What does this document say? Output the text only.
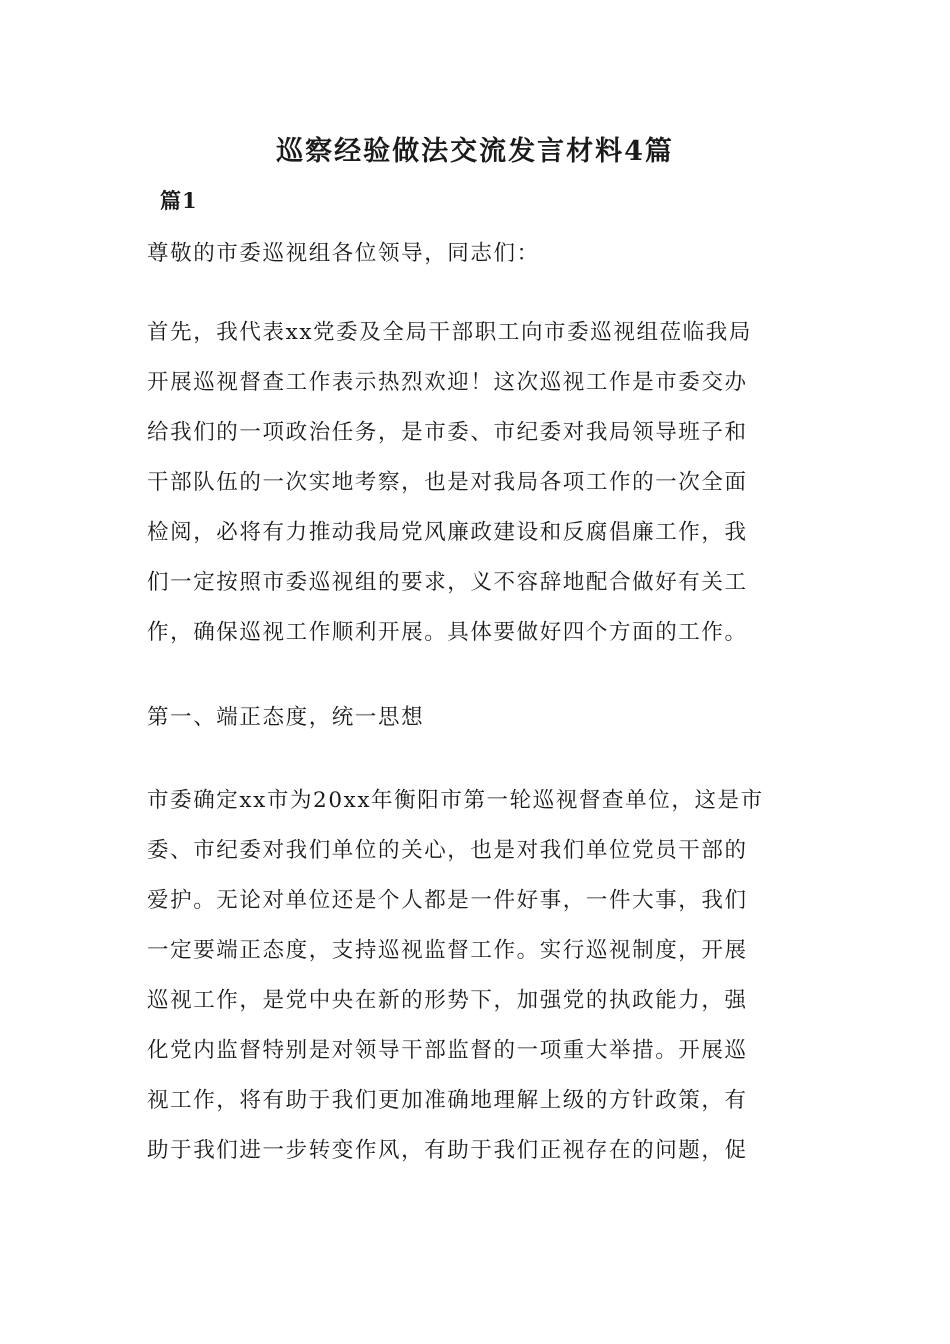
巡察经验做法交流发言材料4篇
篇1
尊敬的市委巡视组各位领导，同志们：
首先，我代表xx党委及全局干部职工向市委巡视组莅临我局
开展巡视督查工作表示热烈欢迎！这次巡视工作是市委交办
给我们的一项政治任务，是市委、市纪委对我局领导班子和
干部队伍的一次实地考察，也是对我局各项工作的一次全面
检阅，必将有力推动我局党风廉政建设和反腐倡廉工作，我
们一定按照市委巡视组的要求，义不容辞地配合做好有关工
作，确保巡视工作顺利开展。具体要做好四个方面的工作。
第一、端正态度，统一思想
市委确定xx市为20xx年衡阳市第一轮巡视督查单位，这是市
委、市纪委对我们单位的关心，也是对我们单位党员干部的
爱护。无论对单位还是个人都是一件好事，一件大事，我们
一定要端正态度，支持巡视监督工作。实行巡视制度，开展
巡视工作，是党中央在新的形势下，加强党的执政能力，强
化党内监督特别是对领导干部监督的一项重大举措。开展巡
视工作，将有助于我们更加准确地理解上级的方针政策，有
助于我们进一步转变作风，有助于我们正视存在的问题，促
